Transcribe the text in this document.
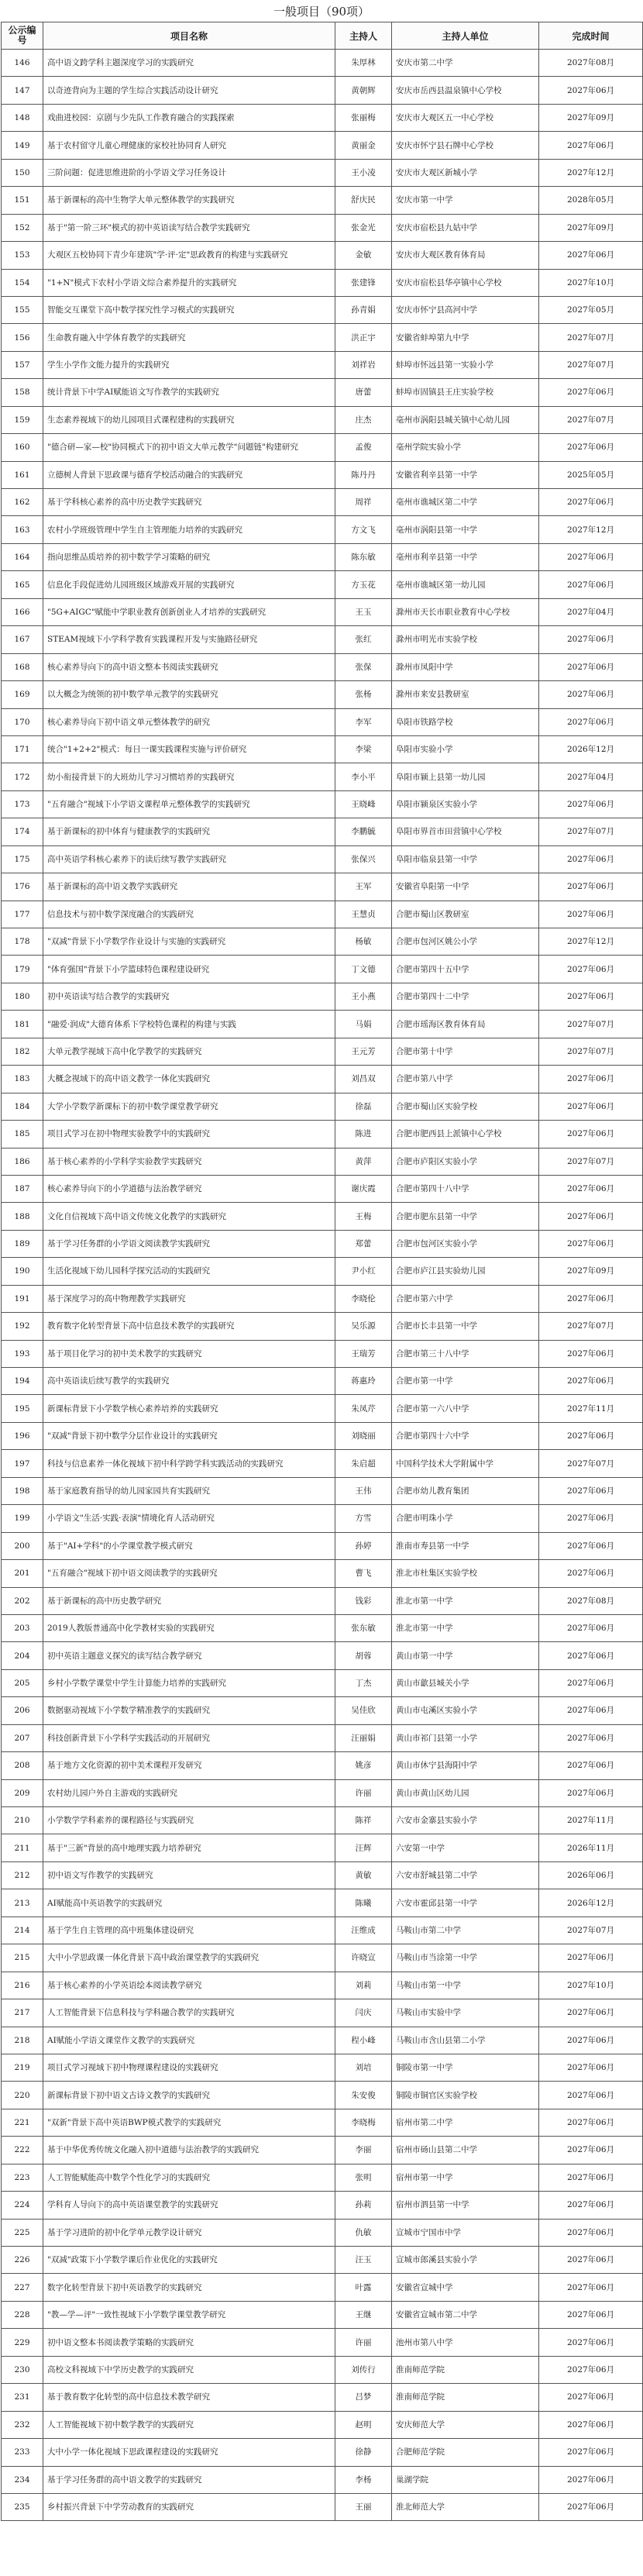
一般项目（90项）
公示编号	项目名称	主持人	主持人单位	完成时间
146	高中语文跨学科主题深度学习的实践研究	朱厚林	安庆市第二中学	2027年08月
147	以奇迹背向为主题的学生综合实践活动设计研究	黄朝辉	安庆市岳西县温泉镇中心学校	2027年06月
148	戏曲进校园：京剧与少先队工作教育融合的实践探索	张丽梅	安庆市大观区五一中心学校	2027年09月
149	基于农村留守儿童心理健康的家校社协同育人研究	黄丽金	安庆市怀宁县石牌中心学校	2027年06月
150	三阶问题：促进思维进阶的小学语文学习任务设计	王小凌	安庆市大观区新城小学	2027年12月
151	基于新课标的高中生物学大单元整体教学的实践研究	舒庆民	安庆市第一中学	2028年05月
152	基于"第一阶三环"模式的初中英语读写结合教学实践研究	张金光	安庆市宿松县九姑中学	2027年09月
153	大观区五校协同下青少年建筑"学·评·定"思政教育的构建与实践研究	金敏	安庆市大观区教育体育局	2027年06月
154	"1+N"模式下农村小学语文综合素养提升的实践研究	张建锋	安庆市宿松县华亭镇中心学校	2027年10月
155	智能交互课堂下高中数学探究性学习模式的实践研究	孙青娟	安庆市怀宁县高河中学	2027年05月
156	生命教育融入中学体育教学的实践研究	洪正宇	安徽省蚌埠第九中学	2027年07月
157	学生小学作文能力提升的实践研究	刘祥岩	蚌埠市怀远县第一实验小学	2027年07月
158	统计背景下中学AI赋能语文写作教学的实践研究	唐蕾	蚌埠市固镇县王庄实验学校	2027年06月
159	生态素养视域下的幼儿园项目式课程建构的实践研究	庄杰	亳州市涡阳县城关镇中心幼儿园	2027年07月
160	"德合研—家—校"协同模式下的初中语文大单元教学"问题链"构建研究	孟俊	亳州学院实验小学	2027年06月
161	立德树人背景下思政课与德育学校活动融合的实践研究	陈丹丹	安徽省利辛县第一中学	2025年05月
162	基于学科核心素养的高中历史教学实践研究	周祥	亳州市谯城区第二中学	2027年06月
163	农村小学班级管理中学生自主管理能力培养的实践研究	方文飞	亳州市涡阳县第一中学	2027年12月
164	指向思维品质培养的初中数学学习策略的研究	陈东敏	亳州市利辛县第一中学	2027年06月
165	信息化手段促进幼儿园班级区域游戏开展的实践研究	方玉花	亳州市谯城区第一幼儿园	2027年06月
166	"5G+AIGC"赋能中学职业教育创新创业人才培养的实践研究	王玉	滁州市天长市职业教育中心学校	2027年04月
167	STEAM视域下小学科学教育实践课程开发与实施路径研究	张红	滁州市明光市实验学校	2027年06月
168	核心素养导向下的高中语文整本书阅读实践研究	张保	滁州市凤阳中学	2027年06月
169	以大概念为统领的初中数学单元教学的实践研究	张杨	滁州市来安县教研室	2027年06月
170	核心素养导向下初中语文单元整体教学的研究	李军	阜阳市铁路学校	2027年06月
171	统合"1+2+2"模式：每日一课实践课程实施与评价研究	李梁	阜阳市实验小学	2026年12月
172	幼小衔接背景下的大班幼儿学习习惯培养的实践研究	李小平	阜阳市颍上县第一幼儿园	2027年04月
173	"五育融合"视域下小学语文课程单元整体教学的实践研究	王晓峰	阜阳市颍泉区实验小学	2027年06月
174	基于新课标的初中体育与健康教学的实践研究	李鹏毓	阜阳市界首市田营镇中心学校	2027年07月
175	高中英语学科核心素养下的读后续写教学实践研究	张保兴	阜阳市临泉县第一中学	2027年06月
176	基于新课标的高中语文教学实践研究	王军	安徽省阜阳第一中学	2027年06月
177	信息技术与初中数学深度融合的实践研究	王慧贞	合肥市蜀山区教研室	2027年06月
178	"双减"背景下小学数学作业设计与实施的实践研究	杨敏	合肥市包河区姚公小学	2027年12月
179	"体育强国"背景下小学篮球特色课程建设研究	丁文德	合肥市第四十五中学	2027年06月
180	初中英语读写结合教学的实践研究	王小燕	合肥市第四十二中学	2027年06月
181	"融爱·润成"大德育体系下学校特色课程的构建与实践	马娟	合肥市瑶海区教育体育局	2027年07月
182	大单元教学视域下高中化学教学的实践研究	王元芳	合肥市第十中学	2027年07月
183	大概念视域下的高中语文教学一体化实践研究	刘昌双	合肥市第八中学	2027年06月
184	大学小学数学新课标下的初中数学课堂教学研究	徐磊	合肥市蜀山区实验学校	2027年06月
185	项目式学习在初中物理实验教学中的实践研究	陈进	合肥市肥西县上派镇中心学校	2027年06月
186	基于核心素养的小学科学实验教学实践研究	黄萍	合肥市庐阳区实验小学	2027年07月
187	核心素养导向下的小学道德与法治教学研究	谢庆霞	合肥市第四十八中学	2027年06月
188	文化自信视域下高中语文传统文化教学的实践研究	王梅	合肥市肥东县第一中学	2027年06月
189	基于学习任务群的小学语文阅读教学实践研究	郑蕾	合肥市包河区实验小学	2027年06月
190	生活化视域下幼儿园科学探究活动的实践研究	尹小红	合肥市庐江县实验幼儿园	2027年09月
191	基于深度学习的高中物理教学实践研究	李晓伦	合肥市第六中学	2027年06月
192	教育数字化转型背景下高中信息技术教学的实践研究	吴乐源	合肥市长丰县第一中学	2027年07月
193	基于项目化学习的初中美术教学的实践研究	王瑞芳	合肥市第三十八中学	2027年06月
194	高中英语读后续写教学的实践研究	蒋惠玲	合肥市第一中学	2027年06月
195	新课标背景下小学数学核心素养培养的实践研究	朱凤芹	合肥市第一六八中学	2027年11月
196	"双减"背景下初中数学分层作业设计的实践研究	刘晓丽	合肥市第四十六中学	2027年06月
197	科技与信息素养一体化视域下初中科学跨学科实践活动的实践研究	朱启超	中国科学技术大学附属中学	2027年07月
198	基于家庭教育指导的幼儿园家园共育实践研究	王伟	合肥市幼儿教育集团	2027年06月
199	小学语文"生活·实践·表演"情境化育人活动研究	方雪	合肥市明珠小学	2027年06月
200	基于"AI+学科"的小学课堂教学模式研究	孙婷	淮南市寿县第一中学	2027年06月
201	"五育融合"视域下初中语文阅读教学的实践研究	曹飞	淮北市杜集区实验学校	2027年06月
202	基于新课标的高中历史教学研究	钱彩	淮北市第一中学	2027年08月
203	2019人教版普通高中化学教材实验的实践研究	张东敏	淮北市第一中学	2027年06月
204	初中英语主题意义探究的读写结合教学研究	胡蓉	黄山市第一中学	2027年06月
205	乡村小学数学课堂中学生计算能力培养的实践研究	丁杰	黄山市歙县城关小学	2027年06月
206	数据驱动视域下小学数学精准教学的实践研究	吴佳欣	黄山市屯溪区实验小学	2027年06月
207	科技创新背景下小学科学实践活动的开展研究	汪丽娟	黄山市祁门县第一小学	2027年06月
208	基于地方文化资源的初中美术课程开发研究	姚彦	黄山市休宁县海阳中学	2027年06月
209	农村幼儿园户外自主游戏的实践研究	许丽	黄山市黄山区幼儿园	2027年06月
210	小学数学学科素养的课程路径与实践研究	陈祥	六安市金寨县实验小学	2027年11月
211	基于"三新"背景的高中地理实践力培养研究	汪辉	六安第一中学	2026年11月
212	初中语文写作教学的实践研究	黄敏	六安市舒城县第二中学	2026年06月
213	AI赋能高中英语教学的实践研究	陈曦	六安市霍邱县第一中学	2026年12月
214	基于学生自主管理的高中班集体建设研究	汪维成	马鞍山市第二中学	2027年07月
215	大中小学思政课一体化背景下高中政治课堂教学的实践研究	许晓宣	马鞍山市当涂第一中学	2027年06月
216	基于核心素养的小学英语绘本阅读教学研究	刘莉	马鞍山市第一中学	2027年10月
217	人工智能背景下信息科技与学科融合教学的实践研究	闫庆	马鞍山市实验中学	2027年06月
218	AI赋能小学语文课堂作文教学的实践研究	程小峰	马鞍山市含山县第二小学	2027年06月
219	项目式学习视域下初中物理课程建设的实践研究	刘培	铜陵市第一中学	2027年06月
220	新课标背景下初中语文古诗文教学的实践研究	朱安俊	铜陵市铜官区实验学校	2027年06月
221	"双新"背景下高中英语BWP模式教学的实践研究	李晓梅	宿州市第二中学	2027年06月
222	基于中华优秀传统文化融入初中道德与法治教学的实践研究	李丽	宿州市砀山县第二中学	2027年06月
223	人工智能赋能高中数学个性化学习的实践研究	张明	宿州市第一中学	2027年06月
224	学科育人导向下的高中英语课堂教学的实践研究	孙莉	宿州市泗县第一中学	2027年06月
225	基于学习进阶的初中化学单元教学设计研究	仇敏	宣城市宁国市中学	2027年06月
226	"双减"政策下小学数学课后作业优化的实践研究	汪玉	宣城市郎溪县实验小学	2027年06月
227	数字化转型背景下初中英语教学的实践研究	叶露	安徽省宣城中学	2027年06月
228	"教—学—评"一致性视域下小学数学课堂教学研究	王继	安徽省宣城市第二中学	2027年06月
229	初中语文整本书阅读教学策略的实践研究	许丽	池州市第八中学	2027年06月
230	高校文科视域下中学历史教学的实践研究	刘传行	淮南师范学院	2027年06月
231	基于教育数字化转型的高中信息技术教学研究	吕梦	淮南师范学院	2027年06月
232	人工智能视域下初中数学教学的实践研究	赵明	安庆师范大学	2027年06月
233	大中小学一体化视域下思政课程建设的实践研究	徐静	合肥师范学院	2027年06月
234	基于学习任务群的高中语文教学的实践研究	李杨	巢湖学院	2027年06月
235	乡村振兴背景下中学劳动教育的实践研究	王丽	淮北师范大学	2027年06月
